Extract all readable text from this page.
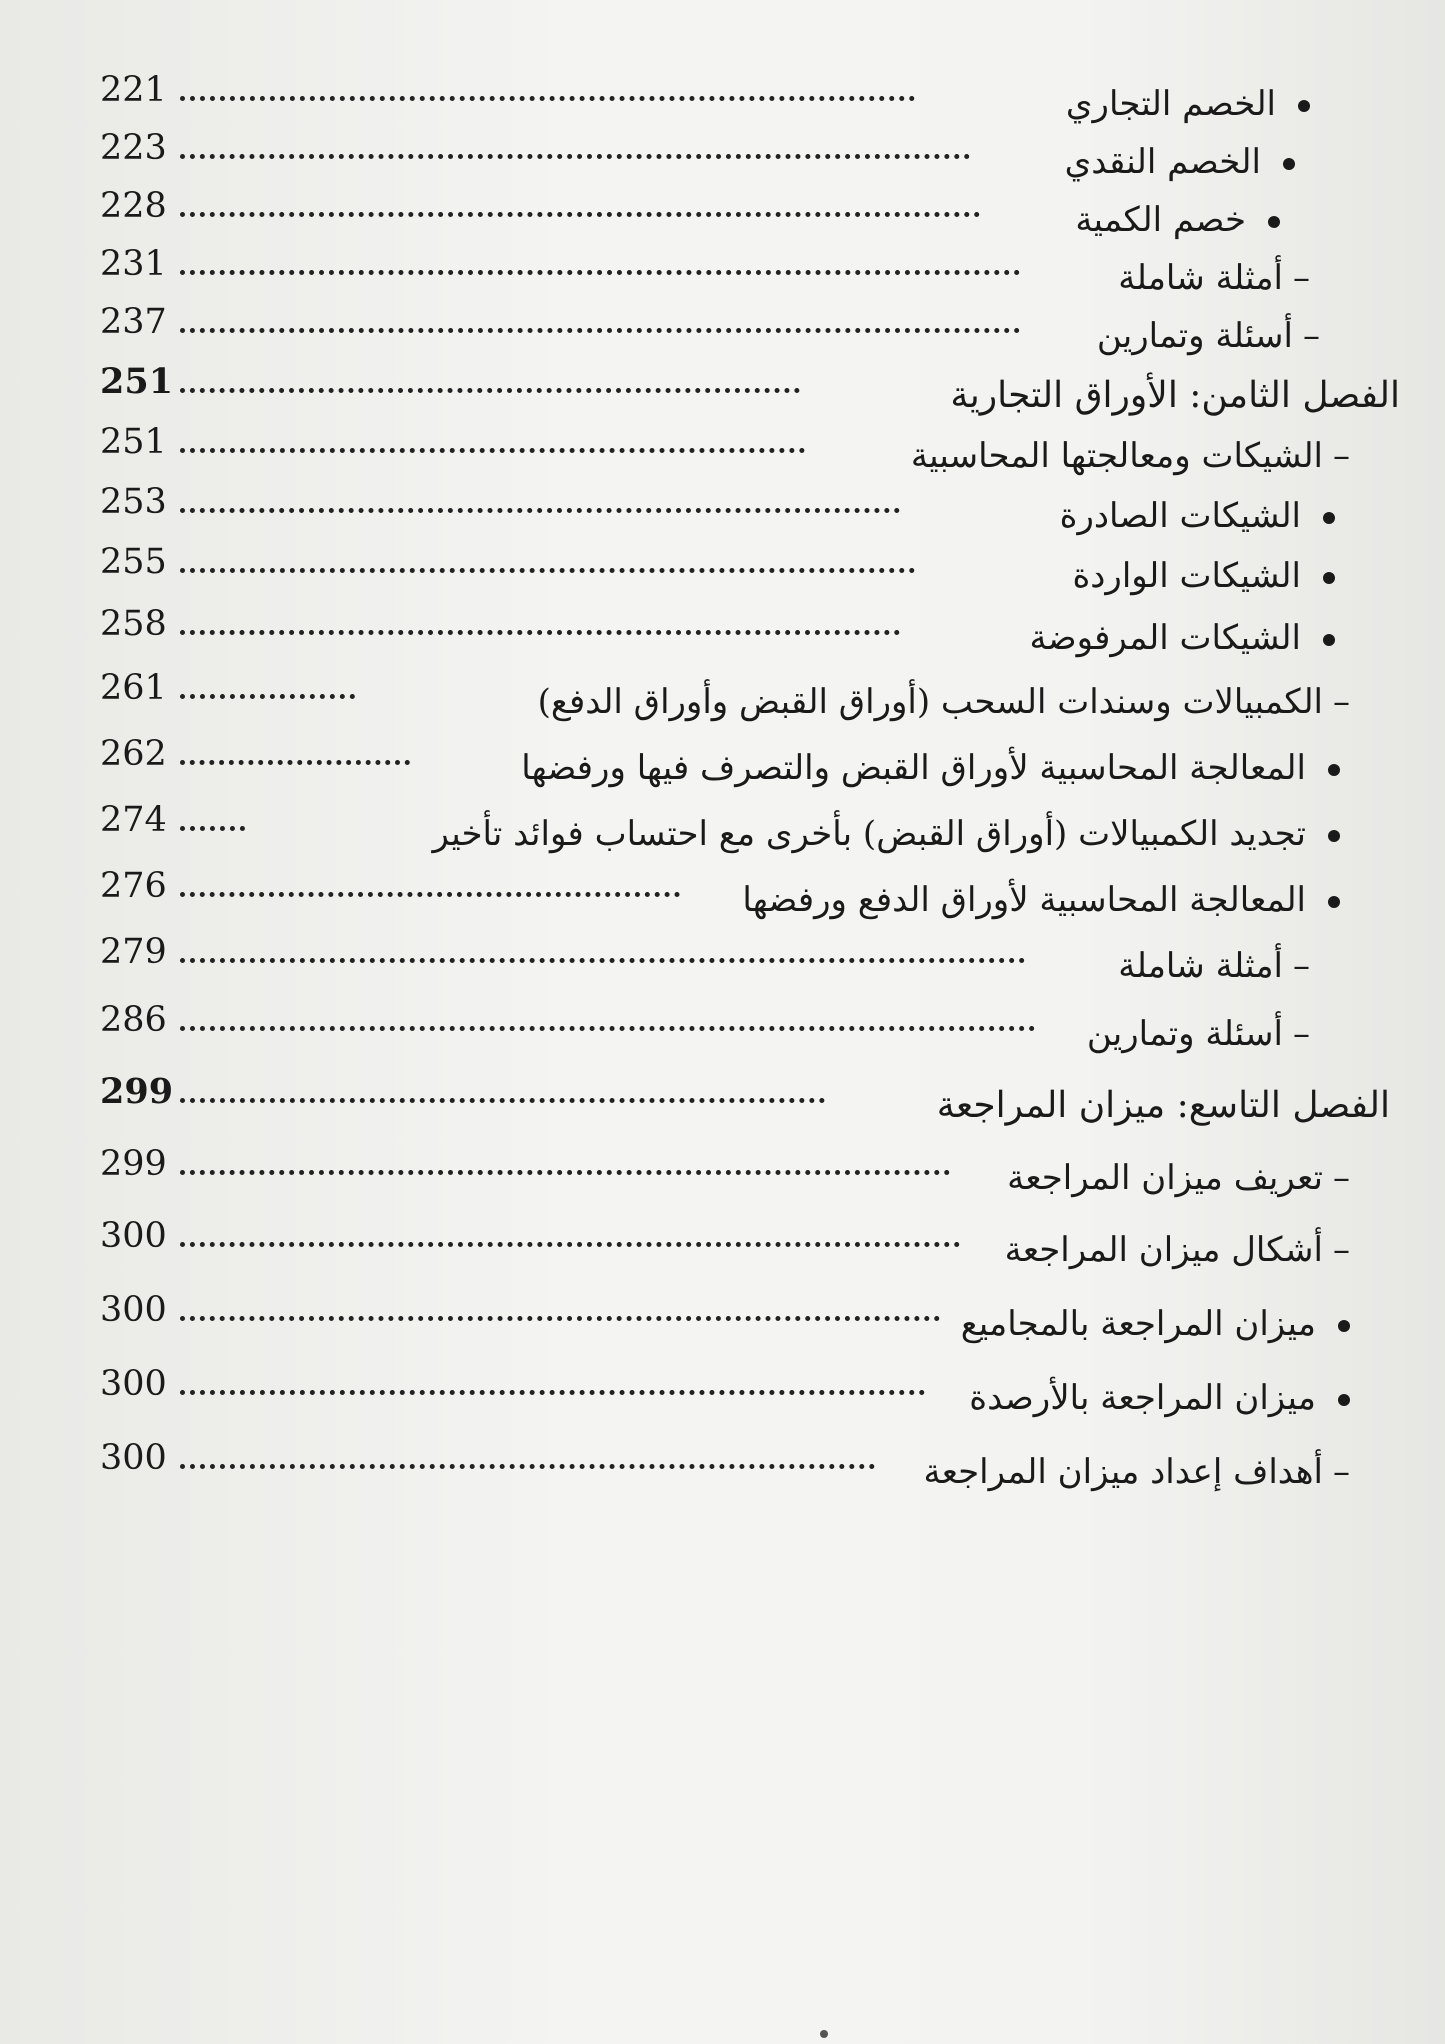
221	الخصم التجاري
223	الخصم النقدي
228	خصم الكمية
231	–أمثلة شاملة
237	–أسئلة وتمارين
251	الفصل الثامن: الأوراق التجارية
251	–الشيكات ومعالجتها المحاسبية
253	الشيكات الصادرة
255	الشيكات الواردة
258	الشيكات المرفوضة
261	–الكمبيالات وسندات السحب (أوراق القبض وأوراق الدفع)
262	المعالجة المحاسبية لأوراق القبض والتصرف فيها ورفضها
274	تجديد الكمبيالات (أوراق القبض) بأخرى مع احتساب فوائد تأخير
276	المعالجة المحاسبية لأوراق الدفع ورفضها
279	–أمثلة شاملة
286	–أسئلة وتمارين
299	الفصل التاسع: ميزان المراجعة
299	–تعريف ميزان المراجعة
300	–أشكال ميزان المراجعة
300	ميزان المراجعة بالمجاميع
300	ميزان المراجعة بالأرصدة
300	–أهداف إعداد ميزان المراجعة
